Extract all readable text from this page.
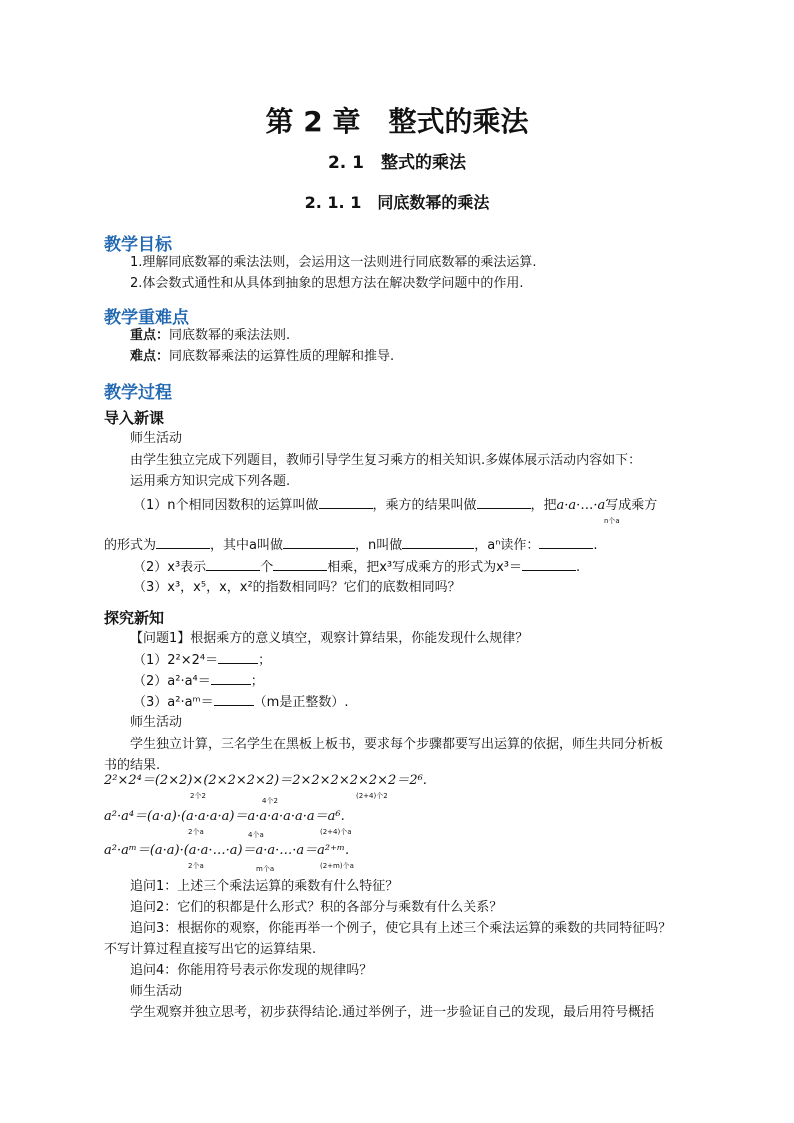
第 2 章　整式的乘法
2. 1　整式的乘法
2. 1. 1　同底数幂的乘法
教学目标
1.理解同底数幂的乘法法则，会运用这一法则进行同底数幂的乘法运算.
2.体会数式通性和从具体到抽象的思想方法在解决数学问题中的作用.
教学重难点
重点：同底数幂的乘法法则.
难点：同底数幂乘法的运算性质的理解和推导.
教学过程
导入新课
师生活动
由学生独立完成下列题目，教师引导学生复习乘方的相关知识.多媒体展示活动内容如下：
运用乘方知识完成下列各题.
（1）n个相同因数积的运算叫做	，乘方的结果叫做	，把a·a·…·a写成乘方
n个a
的形式为	，其中a叫做	，n叫做	，aⁿ读作：	.
（2）x³表示	个	相乘，把x³写成乘方的形式为x³＝	.
（3）x³，x⁵，x，x²的指数相同吗？它们的底数相同吗？
探究新知
【问题1】根据乘方的意义填空，观察计算结果，你能发现什么规律？
（1）2²×2⁴＝	；
（2）a²·a⁴＝	；
（3）a²·aᵐ＝	（m是正整数）.
师生活动
学生独立计算，三名学生在黑板上板书，要求每个步骤都要写出运算的依据，师生共同分析板
书的结果.
2²×2⁴＝(2×2)×(2×2×2×2)＝2×2×2×2×2×2＝2⁶.
2个2
4个2
(2+4)个2
a²·a⁴＝(a·a)·(a·a·a·a)＝a·a·a·a·a·a＝a⁶.
2个a	4个a	(2+4)个a
a²·aᵐ＝(a·a)·(a·a·…·a)＝a·a·…·a＝a²⁺ᵐ.
2个a	m个a	(2+m)个a
追问1：上述三个乘法运算的乘数有什么特征？
追问2：它们的积都是什么形式？积的各部分与乘数有什么关系？
追问3：根据你的观察，你能再举一个例子，使它具有上述三个乘法运算的乘数的共同特征吗？
不写计算过程直接写出它的运算结果.
追问4：你能用符号表示你发现的规律吗？
师生活动
学生观察并独立思考，初步获得结论.通过举例子，进一步验证自己的发现，最后用符号概括
